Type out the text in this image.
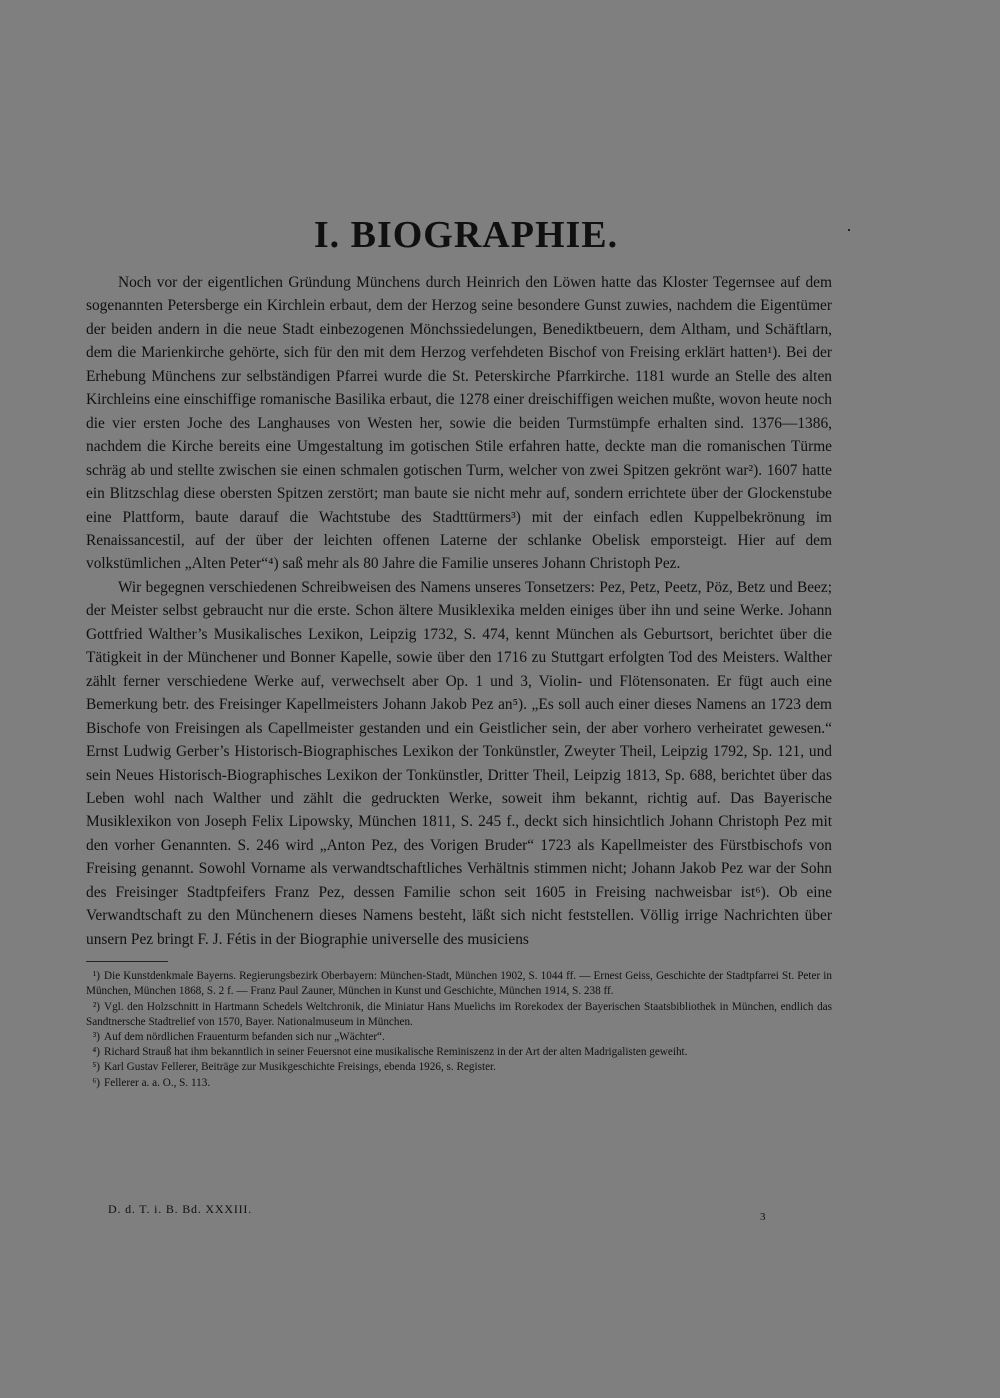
I. BIOGRAPHIE.

Noch vor der eigentlichen Gründung Münchens durch Heinrich den Löwen hatte das Kloster Tegernsee auf dem sogenannten Petersberge ein Kirchlein erbaut, dem der Herzog seine besondere Gunst zuwies, nachdem die Eigentümer der beiden andern in die neue Stadt einbezogenen Mönchssiedelungen, Benediktbeuern, dem Altham, und Schäftlarn, dem die Marienkirche gehörte, sich für den mit dem Herzog verfehdeten Bischof von Freising erklärt hatten¹). Bei der Erhebung Münchens zur selbständigen Pfarrei wurde die St. Peterskirche Pfarrkirche. 1181 wurde an Stelle des alten Kirchleins eine einschiffige romanische Basilika erbaut, die 1278 einer dreischiffigen weichen mußte, wovon heute noch die vier ersten Joche des Langhauses von Westen her, sowie die beiden Turmstümpfe erhalten sind. 1376—1386, nachdem die Kirche bereits eine Umgestaltung im gotischen Stile erfahren hatte, deckte man die romanischen Türme schräg ab und stellte zwischen sie einen schmalen gotischen Turm, welcher von zwei Spitzen gekrönt war²). 1607 hatte ein Blitzschlag diese obersten Spitzen zerstört; man baute sie nicht mehr auf, sondern errichtete über der Glockenstube eine Plattform, baute darauf die Wachtstube des Stadttürmers³) mit der einfach edlen Kuppelbekrönung im Renaissancestil, auf der über der leichten offenen Laterne der schlanke Obelisk emporsteigt. Hier auf dem volkstümlichen „Alten Peter“⁴) saß mehr als 80 Jahre die Familie unseres Johann Christoph Pez.

Wir begegnen verschiedenen Schreibweisen des Namens unseres Tonsetzers: Pez, Petz, Peetz, Pöz, Betz und Beez; der Meister selbst gebraucht nur die erste. Schon ältere Musiklexika melden einiges über ihn und seine Werke. Johann Gottfried Walther’s Musikalisches Lexikon, Leipzig 1732, S. 474, kennt München als Geburtsort, berichtet über die Tätigkeit in der Münchener und Bonner Kapelle, sowie über den 1716 zu Stuttgart erfolgten Tod des Meisters. Walther zählt ferner verschiedene Werke auf, verwechselt aber Op. 1 und 3, Violin- und Flötensonaten. Er fügt auch eine Bemerkung betr. des Freisinger Kapellmeisters Johann Jakob Pez an⁵). „Es soll auch einer dieses Namens an 1723 dem Bischofe von Freisingen als Capellmeister gestanden und ein Geistlicher sein, der aber vorhero verheiratet gewesen.“ Ernst Ludwig Gerber’s Historisch-Biographisches Lexikon der Tonkünstler, Zweyter Theil, Leipzig 1792, Sp. 121, und sein Neues Historisch-Biographisches Lexikon der Tonkünstler, Dritter Theil, Leipzig 1813, Sp. 688, berichtet über das Leben wohl nach Walther und zählt die gedruckten Werke, soweit ihm bekannt, richtig auf. Das Bayerische Musiklexikon von Joseph Felix Lipowsky, München 1811, S. 245 f., deckt sich hinsichtlich Johann Christoph Pez mit den vorher Genannten. S. 246 wird „Anton Pez, des Vorigen Bruder“ 1723 als Kapellmeister des Fürstbischofs von Freising genannt. Sowohl Vorname als verwandtschaftliches Verhältnis stimmen nicht; Johann Jakob Pez war der Sohn des Freisinger Stadtpfeifers Franz Pez, dessen Familie schon seit 1605 in Freising nachweisbar ist⁶). Ob eine Verwandtschaft zu den Münchenern dieses Namens besteht, läßt sich nicht feststellen. Völlig irrige Nachrichten über unsern Pez bringt F. J. Fétis in der Biographie universelle des musiciens

¹) Die Kunstdenkmale Bayerns. Regierungsbezirk Oberbayern: München-Stadt, München 1902, S. 1044 ff. — Ernest Geiss, Geschichte der Stadtpfarrei St. Peter in München, München 1868, S. 2 f. — Franz Paul Zauner, München in Kunst und Geschichte, München 1914, S. 238 ff.

²) Vgl. den Holzschnitt in Hartmann Schedels Weltchronik, die Miniatur Hans Muelichs im Rorekodex der Bayerischen Staatsbibliothek in München, endlich das Sandtnersche Stadtrelief von 1570, Bayer. Nationalmuseum in München.

³) Auf dem nördlichen Frauenturm befanden sich nur „Wächter“.

⁴) Richard Strauß hat ihm bekanntlich in seiner Feuersnot eine musikalische Reminiszenz in der Art der alten Madrigalisten geweiht.

⁵) Karl Gustav Fellerer, Beiträge zur Musikgeschichte Freisings, ebenda 1926, s. Register.

⁶) Fellerer a. a. O., S. 113.

D. d. T. i. B. Bd. XXXIII.
3
